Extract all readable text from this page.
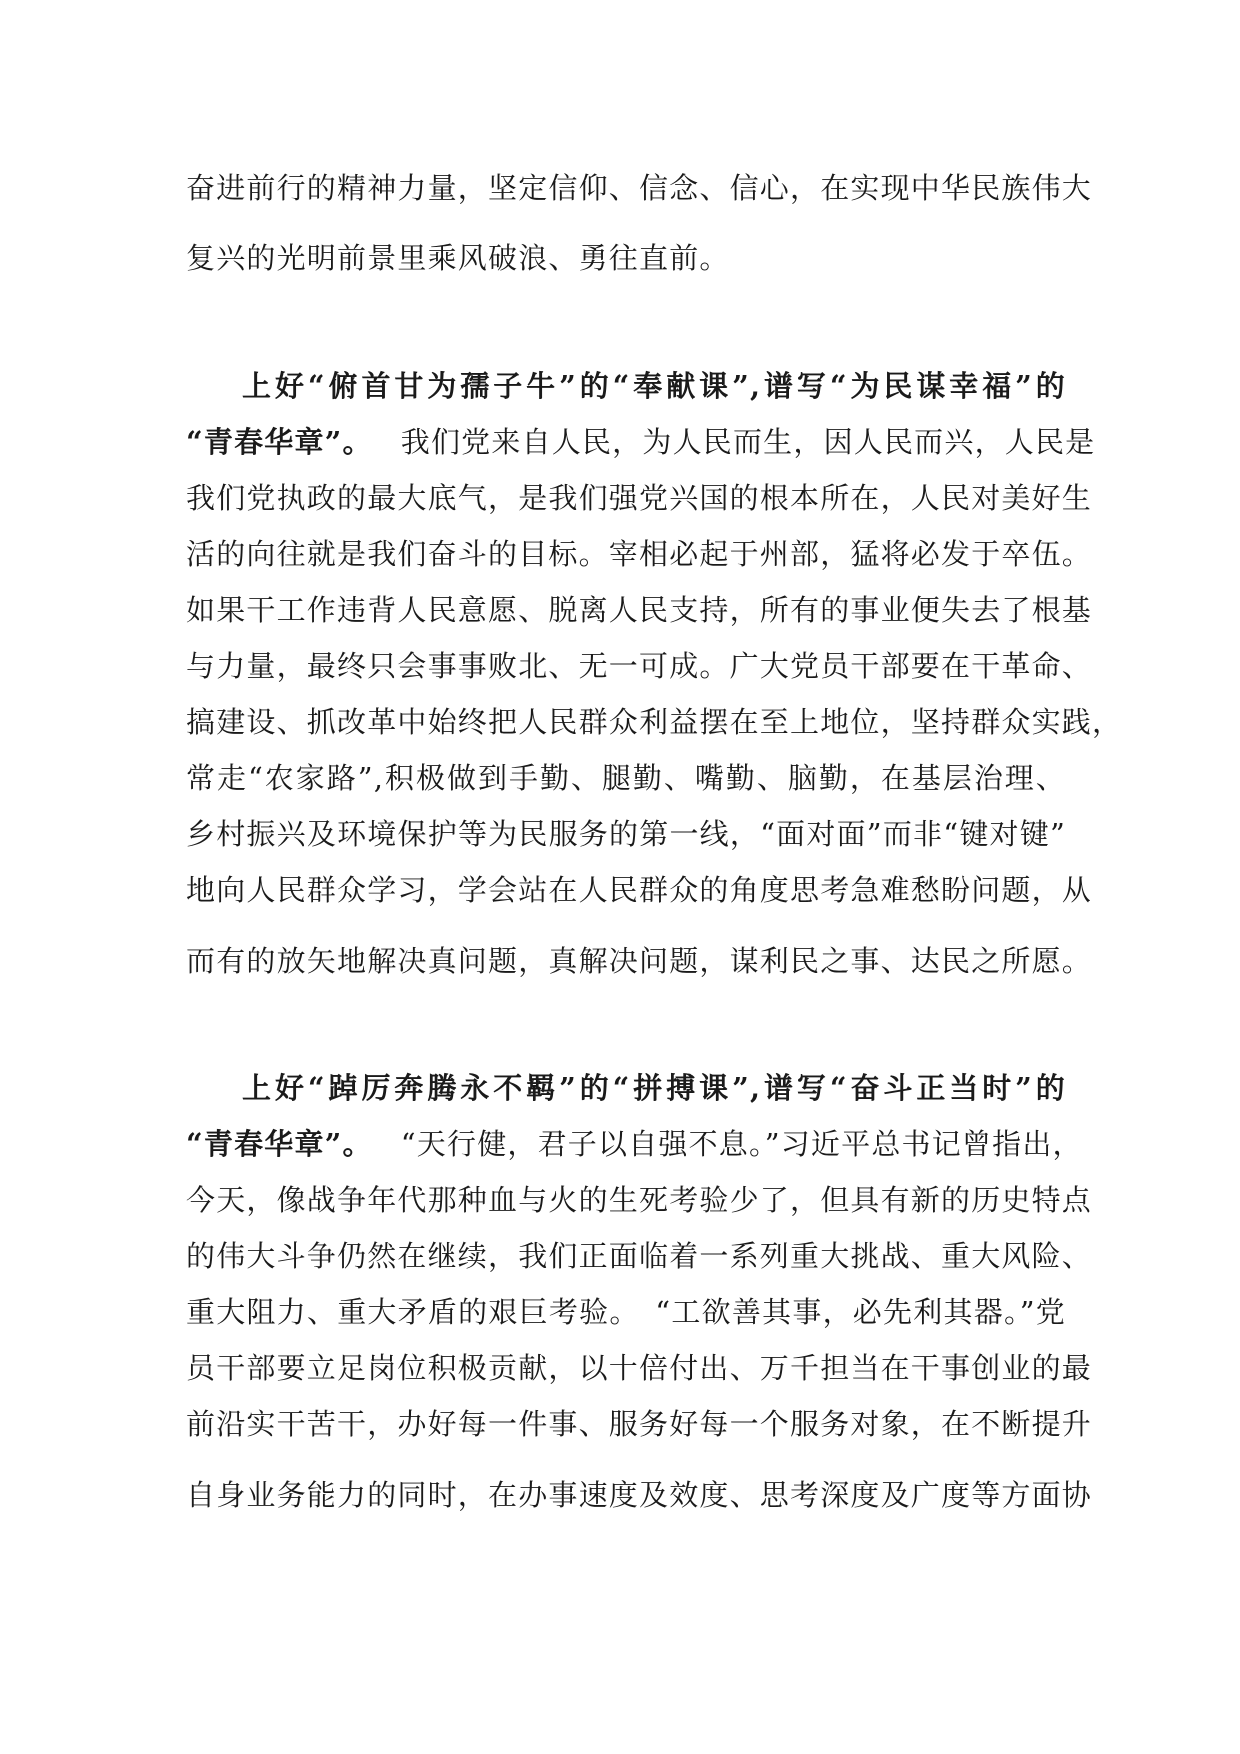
奋进前行的精神力量，坚定信仰、信念、信心，在实现中华民族伟大
复兴的光明前景里乘风破浪、勇往直前。
上好“俯首甘为孺子牛”的“奉献课”,谱写“为民谋幸福”的
“青春华章”。 我们党来自人民，为人民而生，因人民而兴，人民是
我们党执政的最大底气，是我们强党兴国的根本所在，人民对美好生
活的向往就是我们奋斗的目标。宰相必起于州部，猛将必发于卒伍。
如果干工作违背人民意愿、脱离人民支持，所有的事业便失去了根基
与力量，最终只会事事败北、无一可成。广大党员干部要在干革命、
搞建设、抓改革中始终把人民群众利益摆在至上地位，坚持群众实践，
常走“农家路”,积极做到手勤、腿勤、嘴勤、脑勤，在基层治理、
乡村振兴及环境保护等为民服务的第一线，“面对面”而非“键对键”
地向人民群众学习，学会站在人民群众的角度思考急难愁盼问题，从
而有的放矢地解决真问题，真解决问题，谋利民之事、达民之所愿。
上好“踔厉奔腾永不羁”的“拼搏课”,谱写“奋斗正当时”的
“青春华章”。 “天行健，君子以自强不息。”习近平总书记曾指出，
今天，像战争年代那种血与火的生死考验少了，但具有新的历史特点
的伟大斗争仍然在继续，我们正面临着一系列重大挑战、重大风险、
重大阻力、重大矛盾的艰巨考验。　“工欲善其事，必先利其器。”党
员干部要立足岗位积极贡献，以十倍付出、万千担当在干事创业的最
前沿实干苦干，办好每一件事、服务好每一个服务对象，在不断提升
自身业务能力的同时，在办事速度及效度、思考深度及广度等方面协
